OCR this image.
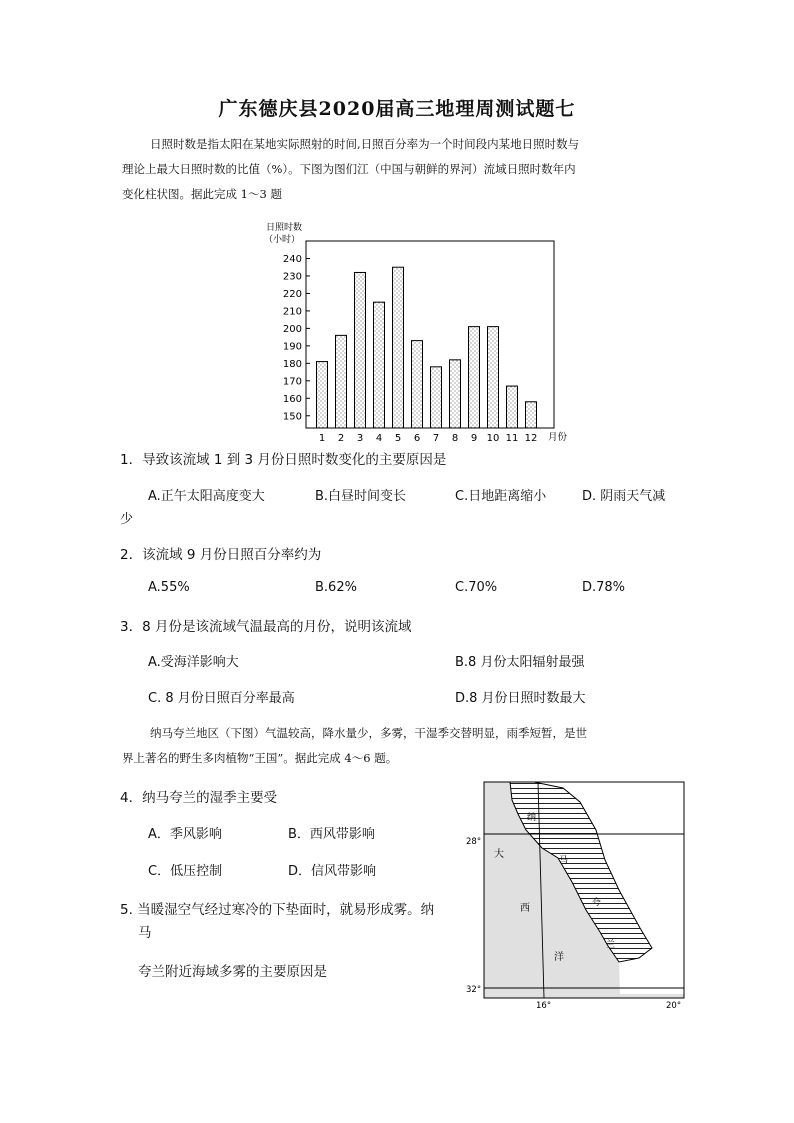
广东德庆县2020届高三地理周测试题七
日照时数是指太阳在某地实际照射的时间,日照百分率为一个时间段内某地日照时数与
理论上最大日照时数的比值（%）。下图为图们江（中国与朝鲜的界河）流域日照时数年内
变化柱状图。据此完成 1～3 题
日照时数
（小时）
150
160
170
180
190
200
210
220
230
240
1 2 3 4 5 6 7 8 9 10 11 12 月份
1．导致该流域 1 到 3 月份日照时数变化的主要原因是
A.正午太阳高度变大	B.白昼时间变长	C.日地距离缩小	D. 阴雨天气减
少
2．该流域 9 月份日照百分率约为
A.55%	B.62%	C.70%	D.78%
3．8 月份是该流域气温最高的月份，说明该流域
A.受海洋影响大	B.8 月份太阳辐射最强
C. 8 月份日照百分率最高	D.8 月份日照时数最大
纳马夸兰地区（下图）气温较高，降水量少，多雾，干湿季交替明显，雨季短暂，是世
界上著名的野生多肉植物“王国”。据此完成 4～6 题。
4．纳马夸兰的湿季主要受
A．季风影响	B．西风带影响
C．低压控制	D．信风带影响
5. 当暖湿空气经过寒冷的下垫面时，就易形成雾。纳
马
夸兰附近海域多雾的主要原因是
28°
32°
16°	20°
大
西
洋
纳
马
夸
兰
